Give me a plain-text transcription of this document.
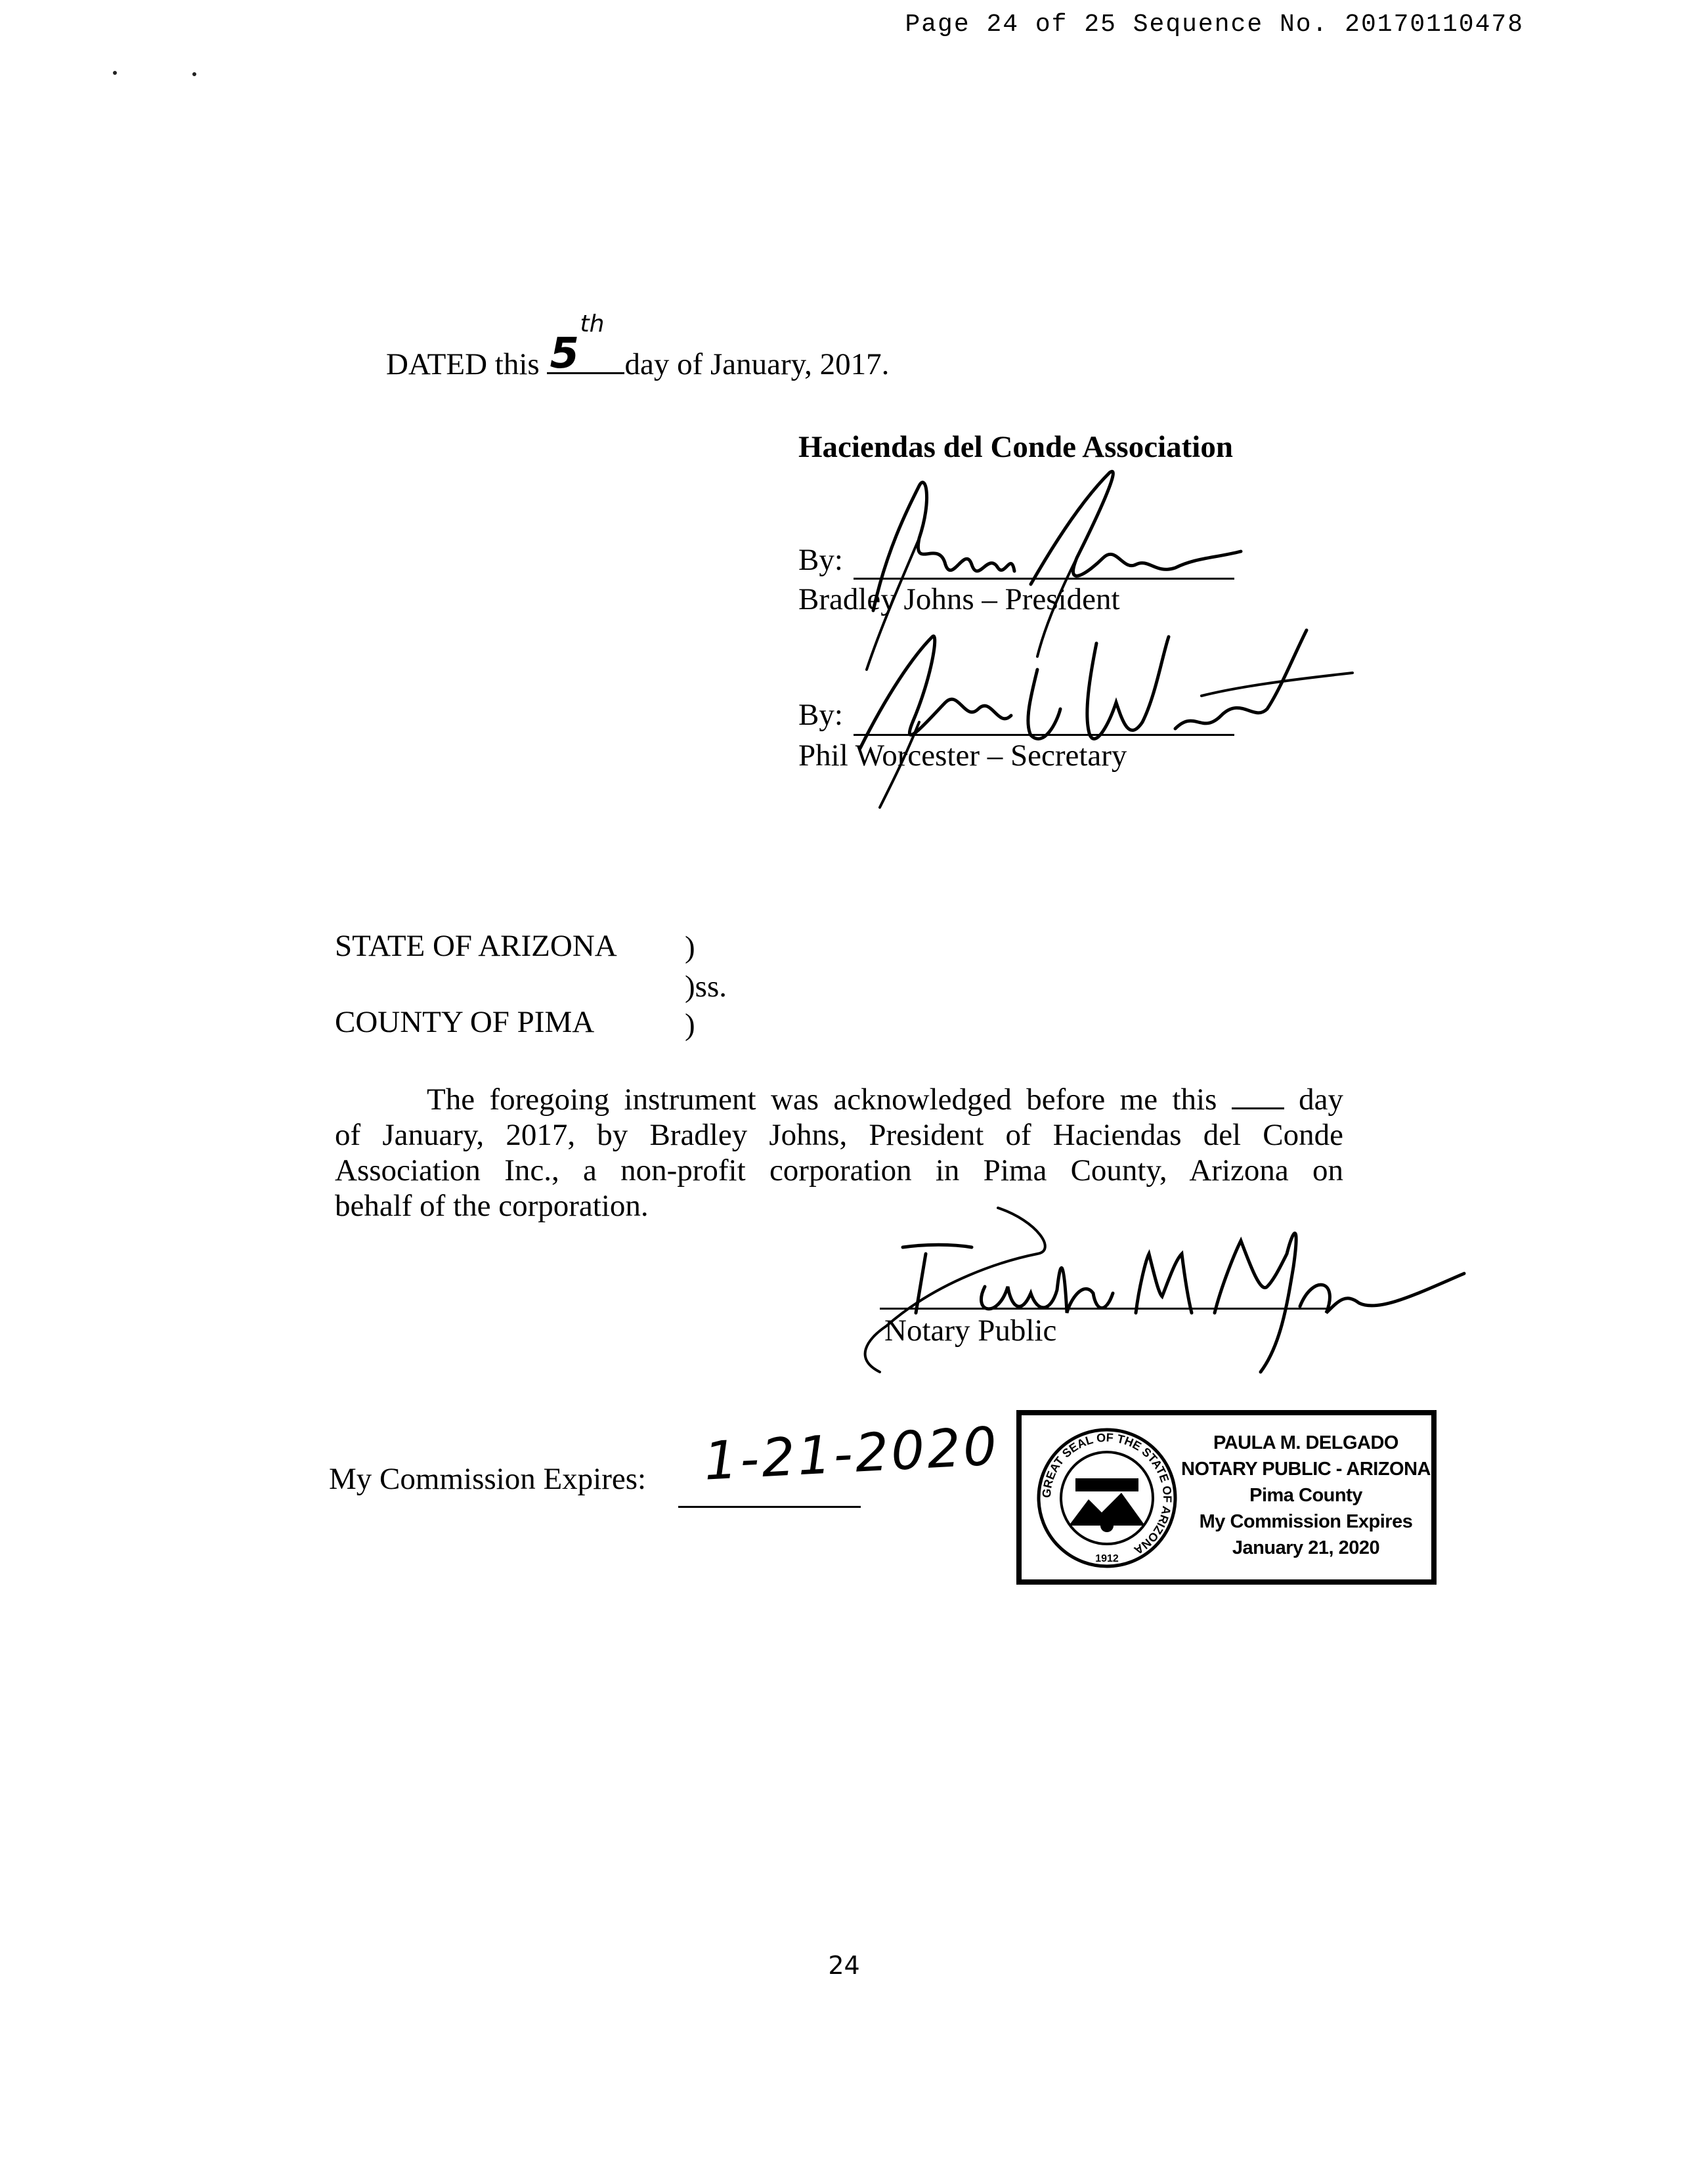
Page 24 of 25 Sequence No. 20170110478
DATED this 5
th
day of January, 2017.
Haciendas del Conde Association
By:
Bradley Johns – President
By:
Phil Worcester – Secretary
STATE OF ARIZONA )
)ss.
COUNTY OF PIMA	)
The foregoing instrument was acknowledged before me this	day
of January, 2017, by Bradley Johns, President of Haciendas del Conde
Association Inc., a non-profit corporation in Pima County, Arizona on
behalf of the corporation.
Notary Public
My Commission Expires: 1-21-2020
GREAT SEAL OF THE STATE OF ARIZONA
1912
PAULA M. DELGADO
NOTARY PUBLIC - ARIZONA
Pima County
My Commission Expires
January 21, 2020
24
